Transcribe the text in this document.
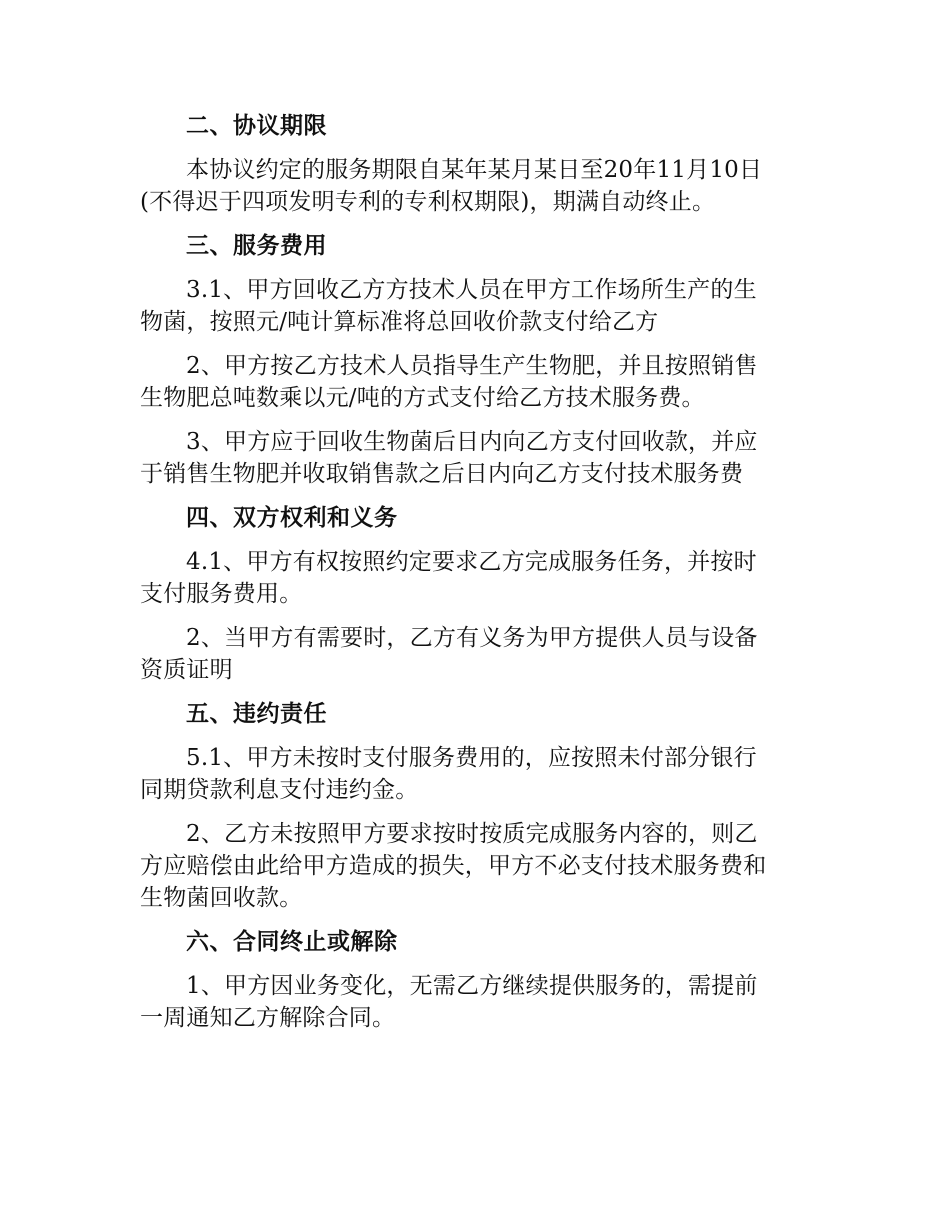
二、协议期限

本协议约定的服务期限自某年某月某日至20年11月10日
(不得迟于四项发明专利的专利权期限)，期满自动终止。

三、服务费用

3.1、甲方回收乙方方技术人员在甲方工作场所生产的生
物菌，按照元/吨计算标准将总回收价款支付给乙方

2、甲方按乙方技术人员指导生产生物肥，并且按照销售
生物肥总吨数乘以元/吨的方式支付给乙方技术服务费。

3、甲方应于回收生物菌后日内向乙方支付回收款，并应
于销售生物肥并收取销售款之后日内向乙方支付技术服务费

四、双方权利和义务

4.1、甲方有权按照约定要求乙方完成服务任务，并按时
支付服务费用。

2、当甲方有需要时，乙方有义务为甲方提供人员与设备
资质证明

五、违约责任

5.1、甲方未按时支付服务费用的，应按照未付部分银行
同期贷款利息支付违约金。

2、乙方未按照甲方要求按时按质完成服务内容的，则乙
方应赔偿由此给甲方造成的损失，甲方不必支付技术服务费和
生物菌回收款。

六、合同终止或解除

1、甲方因业务变化，无需乙方继续提供服务的，需提前
一周通知乙方解除合同。
